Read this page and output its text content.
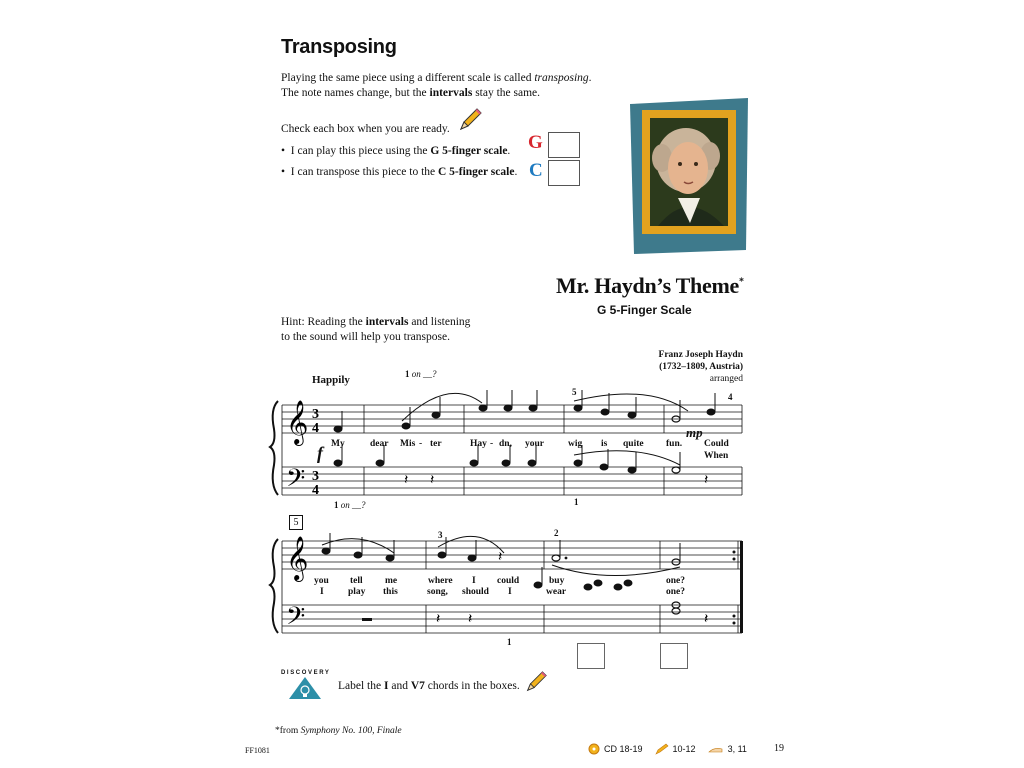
Transposing
Playing the same piece using a different scale is called transposing.
The note names change, but the intervals stay the same.
Check each box when you are ready.
•  I can play this piece using the G 5-finger scale. G
•  I can transpose this piece to the C 5-finger scale. C
Mr. Haydn’s Theme*
G 5-Finger Scale
Hint: Reading the intervals and listening
to the sound will help you transpose.
Franz Joseph Haydn
(1732–1809, Austria)
arranged
Happily
𝄞
𝄢
3
4
3
4
𝄽 𝄽	𝄽
f
mp
1 on __?
1 on __?
5	4
1
My	dear Mis - ter	Hay - dn, your	wig is quite fun. Could
When
5
𝄞
𝄢
𝄽
𝄽 𝄽	𝄽
3	2
1
you tell me	where I could	buy	one?
I	play this	song, should I	wear	one?
DISCOVERY
Label the I and V7 chords in the boxes.
*from Symphony No. 100, Finale
FF1081	CD 18-19	10-12	3, 11	19
